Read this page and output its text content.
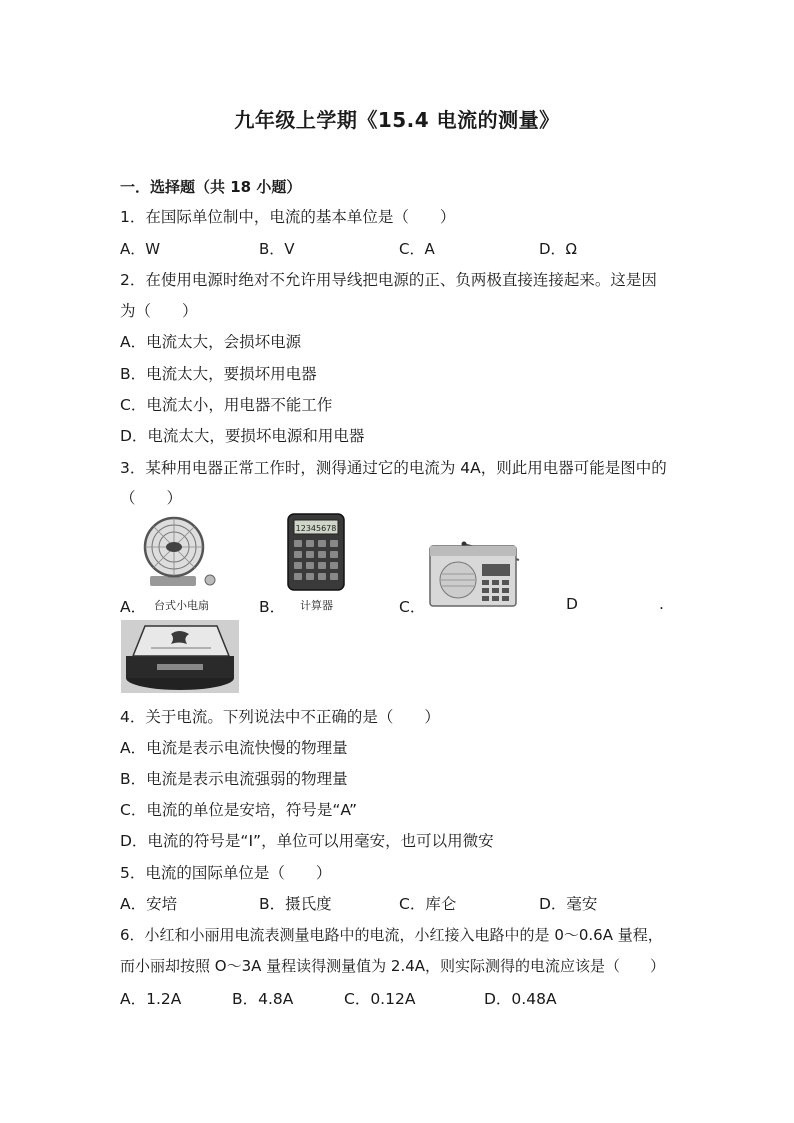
九年级上学期《15.4 电流的测量》
一．选择题（共 18 小题）
1．在国际单位制中，电流的基本单位是（　　）
A．W	B．V	C．A	D．Ω
2．在使用电源时绝对不允许用导线把电源的正、负两极直接连接起来。这是因
为（　　）
A．电流太大，会损坏电源
B．电流太大，要损坏用电器
C．电流太小，用电器不能工作
D．电流太大，要损坏电源和用电器
3．某种用电器正常工作时，测得通过它的电流为 4A，则此用电器可能是图中的
（　　）
台式小电扇
12345678
计算器
A．	B．	C．	D	.
4．关于电流。下列说法中不正确的是（　　）
A．电流是表示电流快慢的物理量
B．电流是表示电流强弱的物理量
C．电流的单位是安培，符号是“A”
D．电流的符号是“I”，单位可以用毫安，也可以用微安
5．电流的国际单位是（　　）
A．安培	B．摄氏度	C．库仑	D．毫安
6．小红和小丽用电流表测量电路中的电流，小红接入电路中的是 0～0.6A 量程，
而小丽却按照 O～3A 量程读得测量值为 2.4A，则实际测得的电流应该是（　　）
A．1.2A	B．4.8A	C．0.12A	D．0.48A
